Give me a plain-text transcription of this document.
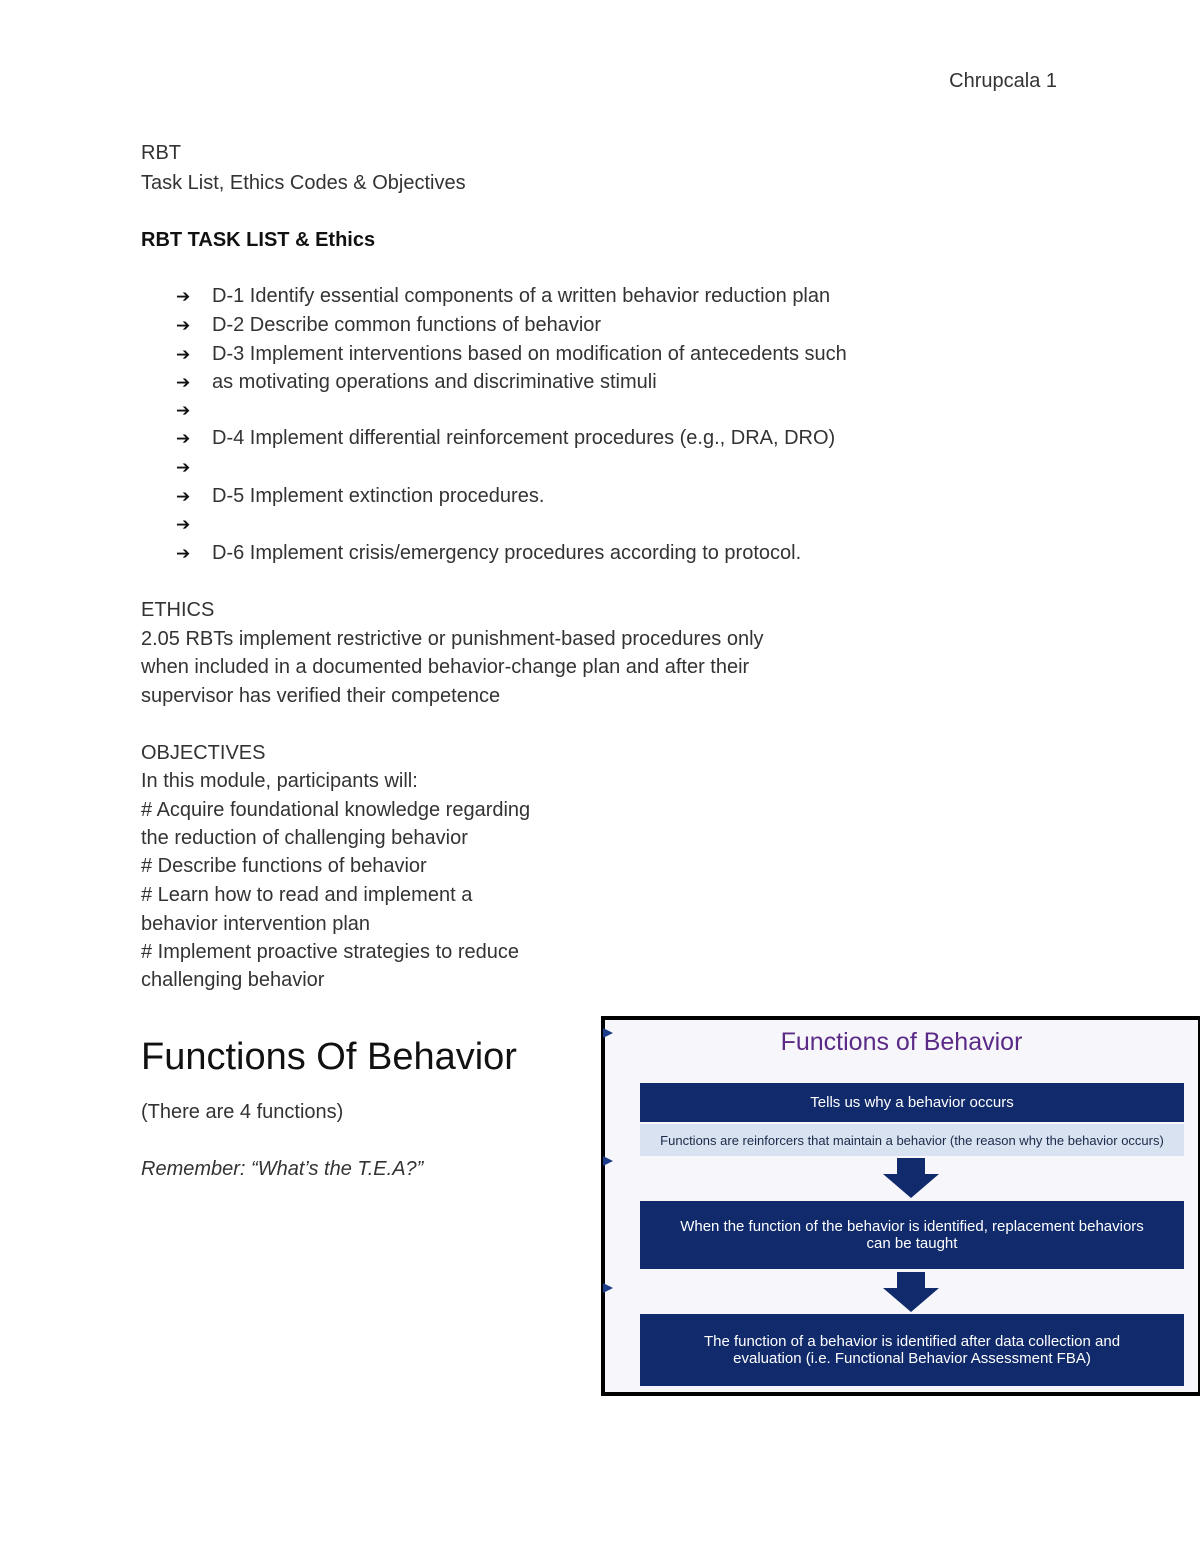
Chrupcala 1
RBT
Task List, Ethics Codes & Objectives
RBT TASK LIST & Ethics
➔ D-1 Identify essential components of a written behavior reduction plan
➔ D-2 Describe common functions of behavior
➔ D-3 Implement interventions based on modification of antecedents such
➔ as motivating operations and discriminative stimuli
➔
➔ D-4 Implement differential reinforcement procedures (e.g., DRA, DRO)
➔
➔ D-5 Implement extinction procedures.
➔
➔ D-6 Implement crisis/emergency procedures according to protocol.
ETHICS
2.05 RBTs implement restrictive or punishment-based procedures only
when included in a documented behavior-change plan and after their
supervisor has verified their competence
OBJECTIVES
In this module, participants will:
# Acquire foundational knowledge regarding
the reduction of challenging behavior
# Describe functions of behavior
# Learn how to read and implement a
behavior intervention plan
# Implement proactive strategies to reduce
challenging behavior
Functions Of Behavior
(There are 4 functions)
Remember: “What’s the T.E.A?”
Functions of Behavior
Tells us why a behavior occurs
Functions are reinforcers that maintain a behavior (the reason why the behavior occurs)
When the function of the behavior is identified, replacement behaviors
can be taught
The function of a behavior is identified after data collection and
evaluation (i.e. Functional Behavior Assessment FBA)
